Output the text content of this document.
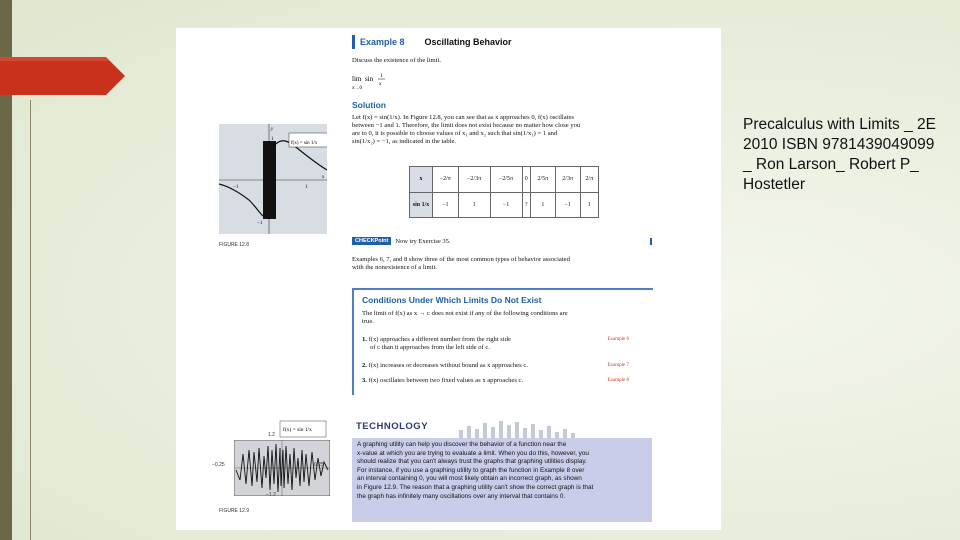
Example 8	Oscillating Behavior
Discuss the existence of the limit.
lim
x→0
sin 1
x
Solution
Let f(x) = sin(1/x). In Figure 12.8, you can see that as x approaches 0, f(x) oscillates
between −1 and 1. Therefore, the limit does not exist because no matter how close you
are to 0, it is possible to choose values of x₁ and x₂ such that sin(1/x₁) = 1 and
sin(1/x₂) = −1, as indicated in the table.
−1	1
1
−1
x
y
f(x) = sin 1/x
FIGURE 12.8
x	−2/π	−2/3π	−2/5π	0	2/5π	2/3π	2/π
sin 1/x	−1	1	−1	?	1	−1	1
CHECKPoint	Now try Exercise 35.
Examples 6, 7, and 8 show three of the most common types of behavior associated
with the nonexistence of a limit.
Conditions Under Which Limits Do Not Exist
The limit of f(x) as x → c does not exist if any of the following conditions are
true.
1. f(x) approaches a different number from the right side
of c than it approaches from the left side of c.
Example 6
2. f(x) increases or decreases without bound as x approaches c.	Example 7
3. f(x) oscillates between two fixed values as x approaches c.	Example 8
TECHNOLOGY
A graphing utility can help you discover the behavior of a function near the
x-value at which you are trying to evaluate a limit. When you do this, however, you
should realize that you can't always trust the graphs that graphing utilities display.
For instance, if you use a graphing utility to graph the function in Example 8 over
an interval containing 0, you will most likely obtain an incorrect graph, as shown
in Figure 12.9. The reason that a graphing utility can't show the correct graph is that
the graph has infinitely many oscillations over any interval that contains 0.
f(x) = sin 1/x
1.2
−0.25	0.25
−1.2
FIGURE 12.9
Precalculus with Limits _ 2E 2010 ISBN 9781439049099 _ Ron Larson_ Robert P_ Hostetler
